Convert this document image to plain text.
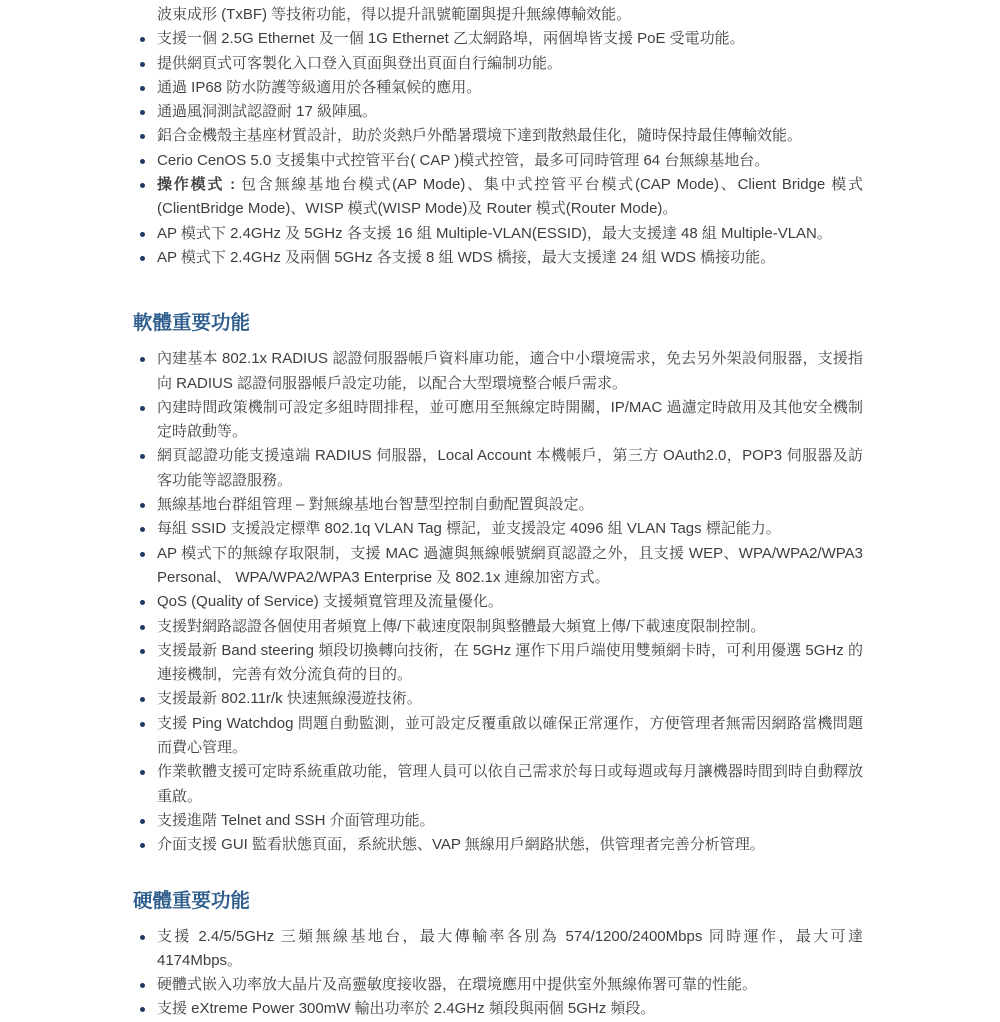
波束成形 (TxBF) 等技術功能，得以提升訊號範圍與提升無線傳輸效能。

支援一個 2.5G Ethernet 及一個 1G Ethernet 乙太網路埠，兩個埠皆支援 PoE 受電功能。
提供網頁式可客製化入口登入頁面與登出頁面自行編制功能。
通過 IP68 防水防護等級適用於各種氣候的應用。
通過風洞測試認證耐 17 級陣風。
鋁合金機殼主基座材質設計，助於炎熱戶外酷暑環境下達到散熱最佳化，隨時保持最佳傳輸效能。
Cerio CenOS 5.0 支援集中式控管平台( CAP )模式控管，最多可同時管理 64 台無線基地台。
操作模式 : 包含無線基地台模式(AP Mode)、集中式控管平台模式(CAP Mode)、Client Bridge 模式(ClientBridge Mode)、WISP 模式(WISP Mode)及 Router 模式(Router Mode)。
AP 模式下 2.4GHz 及 5GHz 各支援 16 組 Multiple-VLAN(ESSID)，最大支援達 48 組 Multiple-VLAN。
AP 模式下 2.4GHz 及兩個 5GHz 各支援 8 組 WDS 橋接，最大支援達 24 組 WDS 橋接功能。
軟體重要功能
內建基本 802.1x RADIUS 認證伺服器帳戶資料庫功能，適合中小環境需求，免去另外架設伺服器，支援指向 RADIUS 認證伺服器帳戶設定功能，以配合大型環境整合帳戶需求。
內建時間政策機制可設定多組時間排程，並可應用至無線定時開關，IP/MAC 過濾定時啟用及其他安全機制定時啟動等。
網頁認證功能支援遠端 RADIUS 伺服器，Local Account 本機帳戶，第三方 OAuth2.0，POP3 伺服器及訪客功能等認證服務。
無線基地台群組管理 – 對無線基地台智慧型控制自動配置與設定。
每組 SSID 支援設定標準 802.1q VLAN Tag 標記，並支援設定 4096 組 VLAN Tags 標記能力。
AP 模式下的無線存取限制，支援 MAC 過濾與無線帳號網頁認證之外，且支援 WEP、WPA/WPA2/WPA3 Personal、 WPA/WPA2/WPA3 Enterprise 及 802.1x 連線加密方式。
QoS (Quality of Service) 支援頻寬管理及流量優化。
支援對網路認證各個使用者頻寬上傳/下載速度限制與整體最大頻寬上傳/下載速度限制控制。
支援最新 Band steering 頻段切換轉向技術，在 5GHz 運作下用戶端使用雙頻網卡時，可利用優選 5GHz 的連接機制，完善有效分流負荷的目的。
支援最新 802.11r/k 快速無線漫遊技術。
支援 Ping Watchdog 問題自動監測，並可設定反覆重啟以確保正常運作，方便管理者無需因網路當機問題而費心管理。
作業軟體支援可定時系統重啟功能，管理人員可以依自己需求於每日或每週或每月讓機器時間到時自動釋放重啟。
支援進階 Telnet and SSH 介面管理功能。
介面支援 GUI 監看狀態頁面，系統狀態、VAP 無線用戶網路狀態，供管理者完善分析管理。
硬體重要功能
支援 2.4/5/5GHz 三頻無線基地台，最大傳輸率各別為 574/1200/2400Mbps 同時運作，最大可達 4174Mbps。
硬體式嵌入功率放大晶片及高靈敏度接收器，在環境應用中提供室外無線佈署可靠的性能。
支援 eXtreme Power 300mW 輸出功率於 2.4GHz 頻段與兩個 5GHz 頻段。
